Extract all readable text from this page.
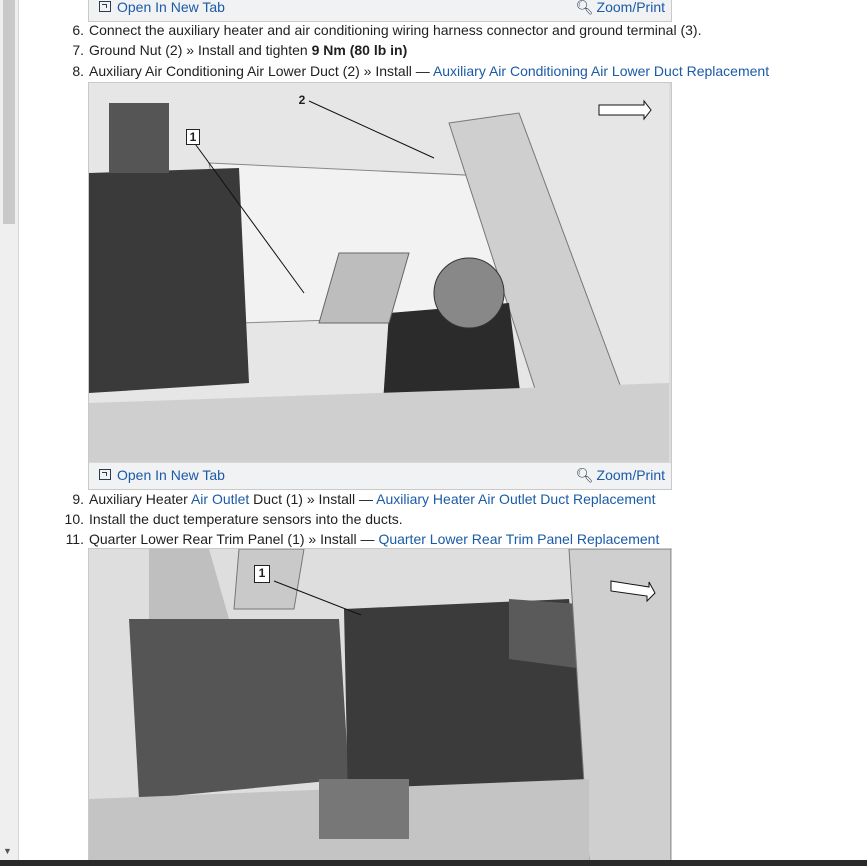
▼
Open In New Tab	🔍︎ Zoom/Print
6. Connect the auxiliary heater and air conditioning wiring harness connector and ground terminal (3).
7. Ground Nut (2) » Install and tighten 9 Nm (80 lb in)
8. Auxiliary Air Conditioning Air Lower Duct (2) » Install — Auxiliary Air Conditioning Air Lower Duct Replacement
1
2
Open In New Tab	🔍︎ Zoom/Print
9. Auxiliary Heater Air Outlet Duct (1) » Install — Auxiliary Heater Air Outlet Duct Replacement
10. Install the duct temperature sensors into the ducts.
11. Quarter Lower Rear Trim Panel (1) » Install — Quarter Lower Rear Trim Panel Replacement
1
